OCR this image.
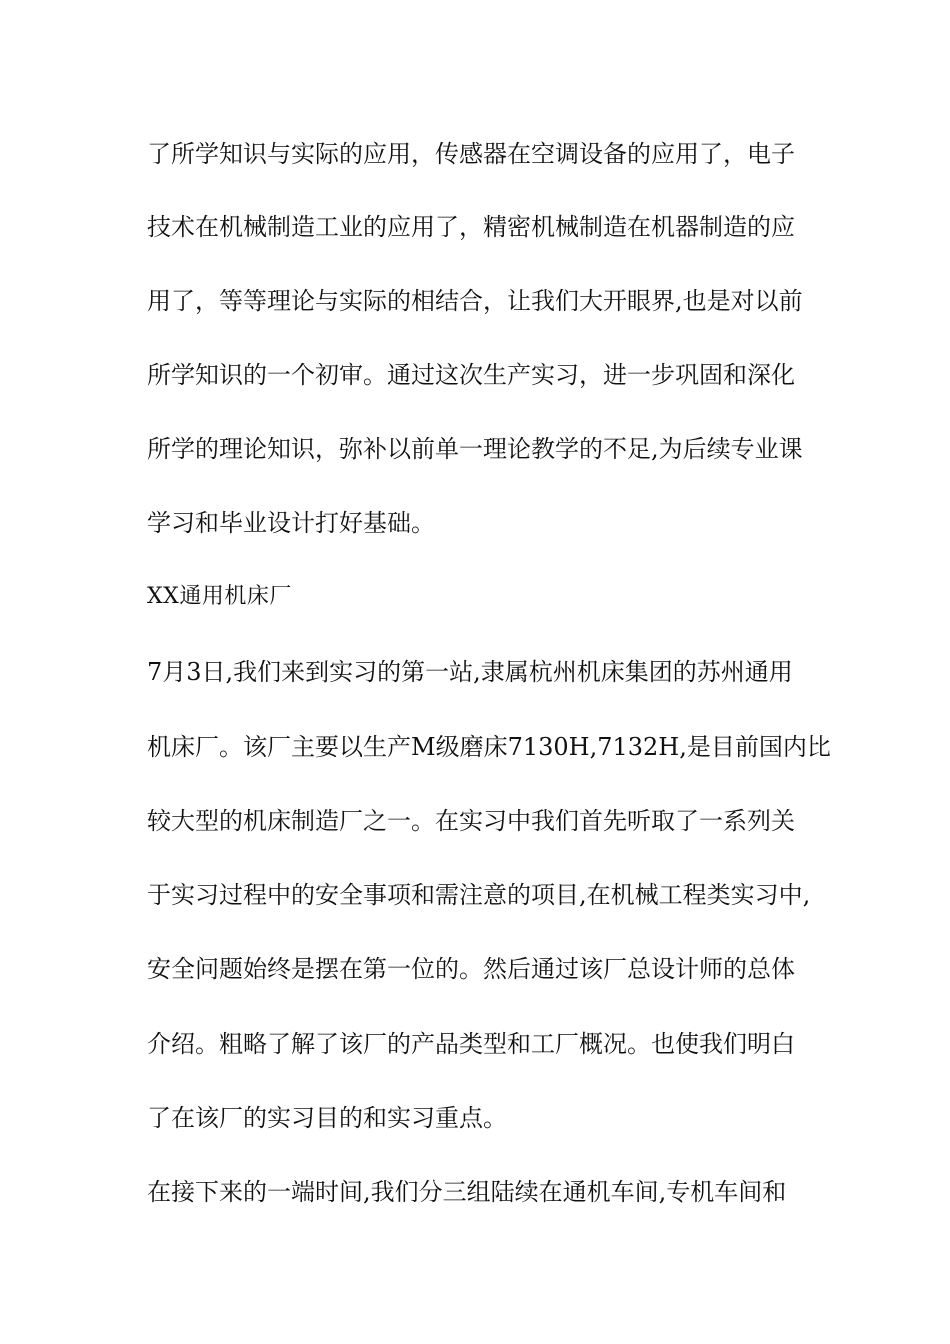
了所学知识与实际的应用，传感器在空调设备的应用了，电子
技术在机械制造工业的应用了，精密机械制造在机器制造的应
用了，等等理论与实际的相结合，让我们大开眼界,也是对以前
所学知识的一个初审。通过这次生产实习，进一步巩固和深化
所学的理论知识，弥补以前单一理论教学的不足,为后续专业课
学习和毕业设计打好基础。
XX通用机床厂
7月3日,我们来到实习的第一站,隶属杭州机床集团的苏州通用
机床厂。该厂主要以生产M级磨床7130H,7132H,是目前国内比
较大型的机床制造厂之一。在实习中我们首先听取了一系列关
于实习过程中的安全事项和需注意的项目,在机械工程类实习中,
安全问题始终是摆在第一位的。然后通过该厂总设计师的总体
介绍。粗略了解了该厂的产品类型和工厂概况。也使我们明白
了在该厂的实习目的和实习重点。
在接下来的一端时间,我们分三组陆续在通机车间,专机车间和
